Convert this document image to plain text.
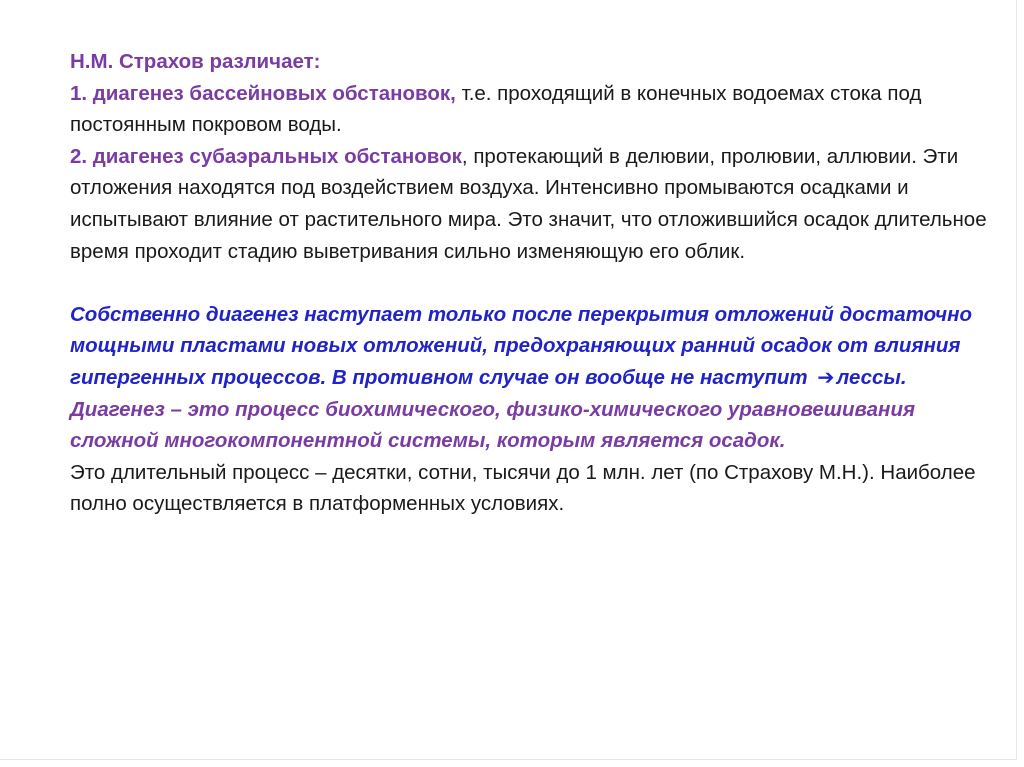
Н.М. Страхов различает:

1. диагенез бассейновых обстановок, т.е. проходящий в конечных водоемах стока под постоянным покровом воды.

2. диагенез субаэральных обстановок, протекающий в делювии, пролювии, аллювии. Эти отложения находятся под воздействием воздуха. Интенсивно промываются осадками и испытывают влияние от растительного мира. Это значит, что отложившийся осадок длительное время проходит стадию выветривания сильно изменяющую его облик.

Собственно диагенез наступает только после перекрытия отложений достаточно мощными пластами новых отложений, предохраняющих ранний осадок от влияния гипергенных процессов. В противном случае он вообще не наступит ➔лессы.

Диагенез – это процесс биохимического, физико-химического уравновешивания сложной многокомпонентной системы, которым является осадок.

Это длительный процесс – десятки, сотни, тысячи до 1 млн. лет (по Страхову М.Н.). Наиболее полно осуществляется в платформенных условиях.
